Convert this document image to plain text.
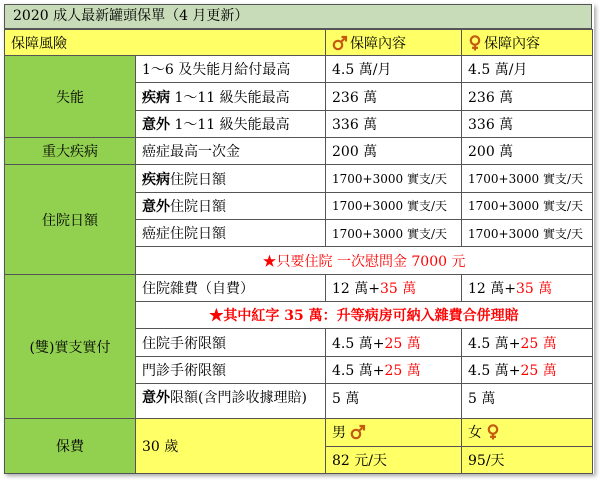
2020 成人最新罐頭保單（4 月更新）
保障風險		保障內容	保障內容
失能	1～6 及失能月給付最高	4.5 萬/月	4.5 萬/月
	疾病 1～11 級失能最高	236 萬	236 萬
	意外 1～11 級失能最高	336 萬	336 萬
重大疾病	癌症最高一次金	200 萬	200 萬
住院日額	疾病住院日額	1700+3000 實支/天	1700+3000 實支/天
	意外住院日額	1700+3000 實支/天	1700+3000 實支/天
	癌症住院日額	1700+3000 實支/天	1700+3000 實支/天
	★只要住院 一次慰問金 7000 元		
(雙)實支實付	住院雜費（自費）	12 萬+35 萬	12 萬+35 萬
	★其中紅字 35 萬：升等病房可納入雜費合併理賠		
	住院手術限額	4.5 萬+25 萬	4.5 萬+25 萬
	門診手術限額	4.5 萬+25 萬	4.5 萬+25 萬
	意外限額(含門診收據理賠)	5 萬	5 萬

保費	30 歲	男	女
		82 元/天	95/天
